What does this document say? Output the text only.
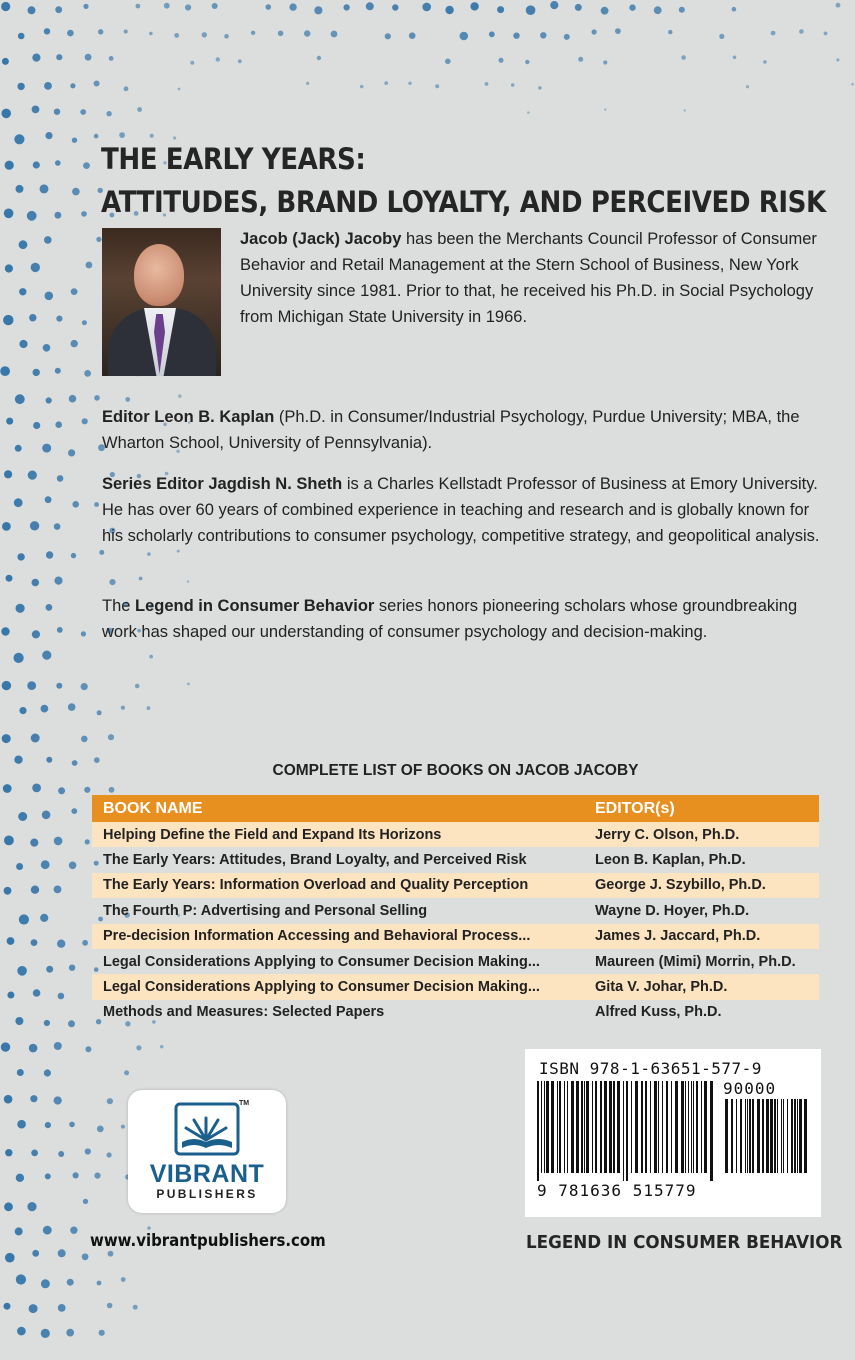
THE EARLY YEARS:
ATTITUDES, BRAND LOYALTY, AND PERCEIVED RISK

Jacob (Jack) Jacoby has been the Merchants Council Professor of Consumer Behavior and Retail Management at the Stern School of Business, New York University since 1981. Prior to that, he received his Ph.D. in Social Psychology from Michigan State University in 1966.

Editor Leon B. Kaplan (Ph.D. in Consumer/Industrial Psychology, Purdue University; MBA, the Wharton School, University of Pennsylvania).

Series Editor Jagdish N. Sheth is a Charles Kellstadt Professor of Business at Emory University. He has over 60 years of combined experience in teaching and research and is globally known for his scholarly contributions to consumer psychology, competitive strategy, and geopolitical analysis.

The Legend in Consumer Behavior series honors pioneering scholars whose groundbreaking work has shaped our understanding of consumer psychology and decision-making.

COMPLETE LIST OF BOOKS ON JACOB JACOBY

BOOK NAME	EDITOR(s)
Helping Define the Field and Expand Its Horizons	Jerry C. Olson, Ph.D.
The Early Years: Attitudes, Brand Loyalty, and Perceived Risk	Leon B. Kaplan, Ph.D.
The Early Years: Information Overload and Quality Perception	George J. Szybillo, Ph.D.
The Fourth P: Advertising and Personal Selling	Wayne D. Hoyer, Ph.D.
Pre-decision Information Accessing and Behavioral Process...	James J. Jaccard, Ph.D.
Legal Considerations Applying to Consumer Decision Making...	Maureen (Mimi) Morrin, Ph.D.
Legal Considerations Applying to Consumer Decision Making...	Gita V. Johar, Ph.D.
Methods and Measures: Selected Papers	Alfred Kuss, Ph.D.

ISBN 978-1-63651-577-9

90000

9 781636 515779

LEGEND IN CONSUMER BEHAVIOR

TM

VIBRANT

PUBLISHERS

www.vibrantpublishers.com
